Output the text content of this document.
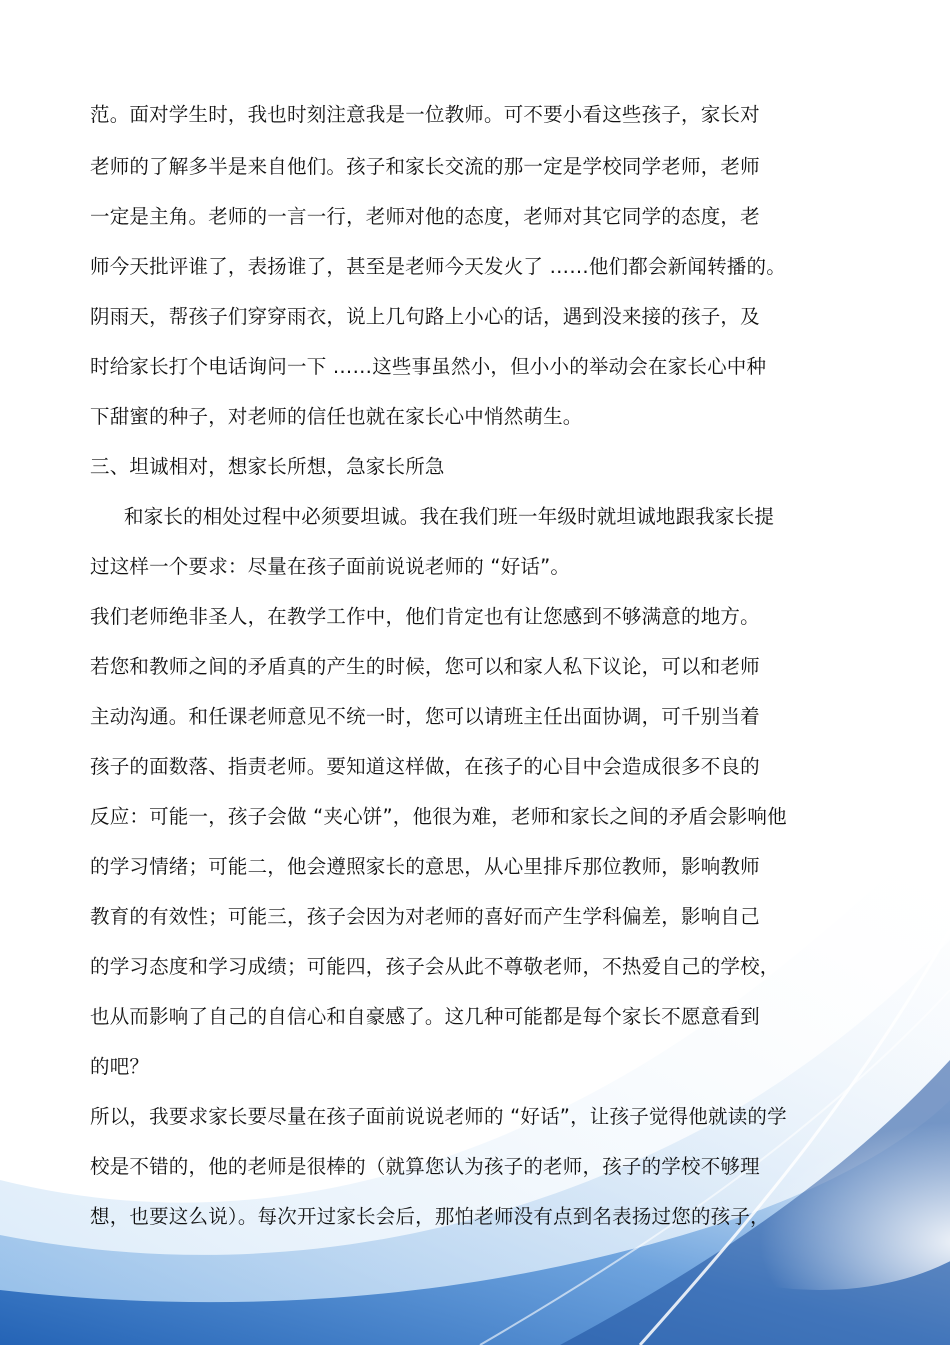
范。面对学生时，我也时刻注意我是一位教师。可不要小看这些孩子，家长对
老师的了解多半是来自他们。孩子和家长交流的那一定是学校同学老师，老师
一定是主角。老师的一言一行，老师对他的态度，老师对其它同学的态度，老
师今天批评谁了，表扬谁了，甚至是老师今天发火了 ……他们都会新闻转播的。
阴雨天，帮孩子们穿穿雨衣，说上几句路上小心的话，遇到没来接的孩子，及
时给家长打个电话询问一下 ……这些事虽然小，但小小的举动会在家长心中种
下甜蜜的种子，对老师的信任也就在家长心中悄然萌生。
三、坦诚相对，想家长所想，急家长所急
和家长的相处过程中必须要坦诚。我在我们班一年级时就坦诚地跟我家长提
过这样一个要求：尽量在孩子面前说说老师的 “好话”。
我们老师绝非圣人，在教学工作中，他们肯定也有让您感到不够满意的地方。
若您和教师之间的矛盾真的产生的时候，您可以和家人私下议论，可以和老师
主动沟通。和任课老师意见不统一时，您可以请班主任出面协调，可千别当着
孩子的面数落、指责老师。要知道这样做，在孩子的心目中会造成很多不良的
反应：可能一，孩子会做 “夹心饼”，他很为难，老师和家长之间的矛盾会影响他
的学习情绪；可能二，他会遵照家长的意思，从心里排斥那位教师，影响教师
教育的有效性；可能三，孩子会因为对老师的喜好而产生学科偏差，影响自己
的学习态度和学习成绩；可能四，孩子会从此不尊敬老师，不热爱自己的学校，
也从而影响了自己的自信心和自豪感了。这几种可能都是每个家长不愿意看到
的吧？
所以，我要求家长要尽量在孩子面前说说老师的 “好话”，让孩子觉得他就读的学
校是不错的，他的老师是很棒的（就算您认为孩子的老师，孩子的学校不够理
想，也要这么说）。每次开过家长会后，那怕老师没有点到名表扬过您的孩子，
